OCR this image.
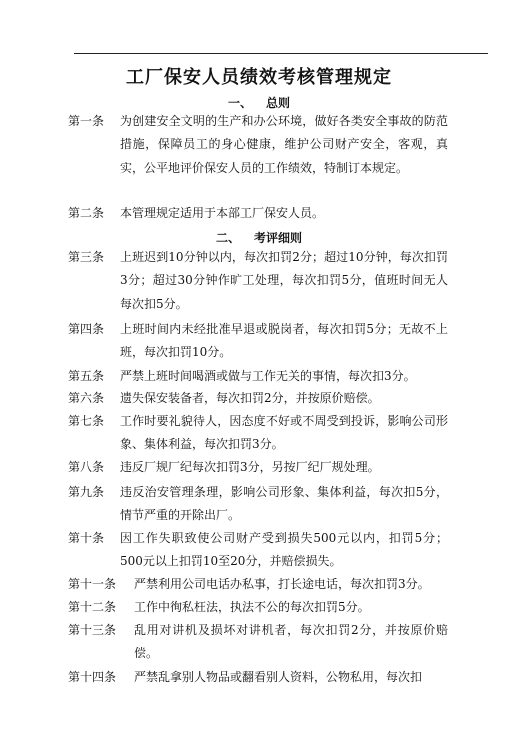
工厂保安人员绩效考核管理规定
一、 总则
第一条 为创建安全文明的生产和办公环境，做好各类安全事故的防范措施，保障员工的身心健康，维护公司财产安全，客观，真实，公平地评价保安人员的工作绩效，特制订本规定。
第二条 本管理规定适用于本部工厂保安人员。
二、 考评细则
第三条 上班迟到10分钟以内，每次扣罚2分；超过10分钟，每次扣罚3分；超过30分钟作旷工处理，每次扣罚5分，值班时间无人每次扣5分。
第四条 上班时间内未经批准早退或脱岗者，每次扣罚5分；无故不上班，每次扣罚10分。
第五条 严禁上班时间喝酒或做与工作无关的事情，每次扣3分。
第六条 遗失保安装备者，每次扣罚2分，并按原价赔偿。
第七条 工作时要礼貌待人，因态度不好或不周受到投诉，影响公司形象、集体利益，每次扣罚3分。
第八条 违反厂规厂纪每次扣罚3分，另按厂纪厂规处理。
第九条 违反治安管理条理，影响公司形象、集体利益，每次扣5分，情节严重的开除出厂。
第十条 因工作失职致使公司财产受到损失500元以内，扣罚5分；500元以上扣罚10至20分，并赔偿损失。
第十一条 严禁利用公司电话办私事，打长途电话，每次扣罚3分。
第十二条 工作中徇私枉法，执法不公的每次扣罚5分。
第十三条 乱用对讲机及损坏对讲机者，每次扣罚2分，并按原价赔偿。
第十四条 严禁乱拿别人物品或翻看别人资料，公物私用，每次扣
